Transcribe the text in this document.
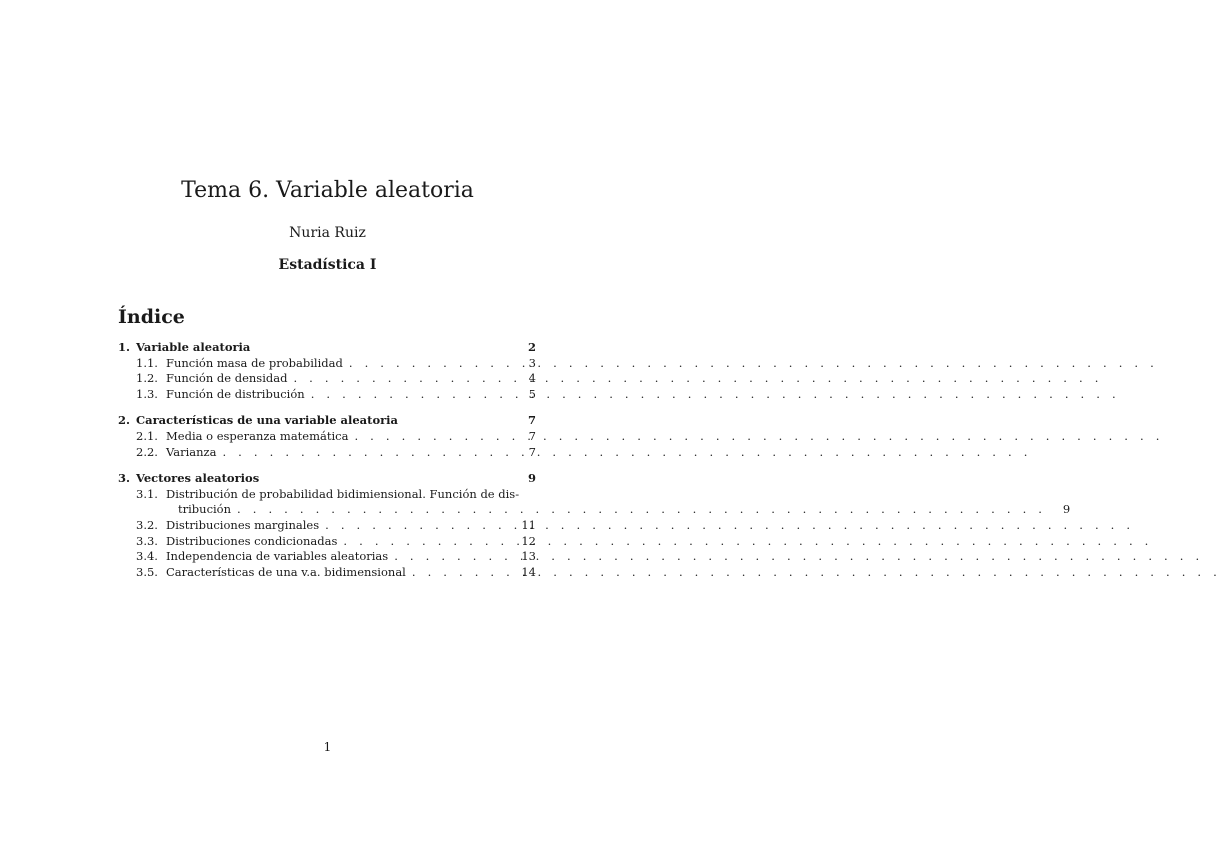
Tema 6. Variable aleatoria
Nuria Ruiz
Estadística I
Índice
1. Variable aleatoria	2
1.1. Función masa de probabilidad . . .	3
1.2. Función de densidad . . .	4
1.3. Función de distribución . . .	5
2. Características de una variable aleatoria	7
2.1. Media o esperanza matemática . . .	7
2.2. Varianza . . .	7
3. Vectores aleatorios	9
3.1. Distribución de probabilidad bidimiensional. Función de dis-
tribución . . .	9
3.2. Distribuciones marginales . . .	11
3.3. Distribuciones condicionadas . . .	12
3.4. Independencia de variables aleatorias . . .	13
3.5. Características de una v.a. bidimensional . . .	14
1
